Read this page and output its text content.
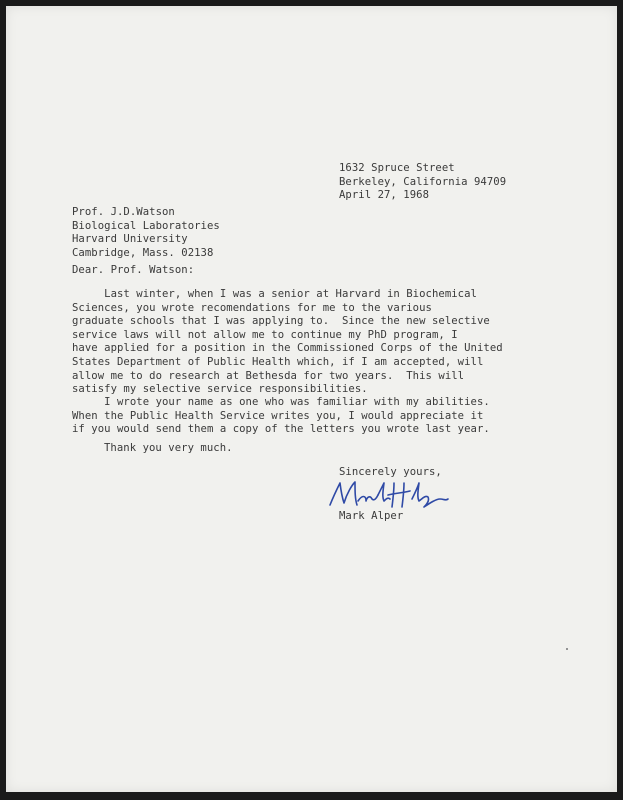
1632 Spruce Street
Berkeley, California 94709
April 27, 1968
Prof. J.D.Watson
Biological Laboratories
Harvard University
Cambridge, Mass. 02138
Dear. Prof. Watson:
Last winter, when I was a senior at Harvard in Biochemical
Sciences, you wrote recomendations for me to the various
graduate schools that I was applying to.  Since the new selective
service laws will not allow me to continue my PhD program, I
have applied for a position in the Commissioned Corps of the United
States Department of Public Health which, if I am accepted, will
allow me to do research at Bethesda for two years.  This will
satisfy my selective service responsibilities.
I wrote your name as one who was familiar with my abilities.
When the Public Health Service writes you, I would appreciate it
if you would send them a copy of the letters you wrote last year.
Thank you very much.
Sincerely yours,
Mark Alper
